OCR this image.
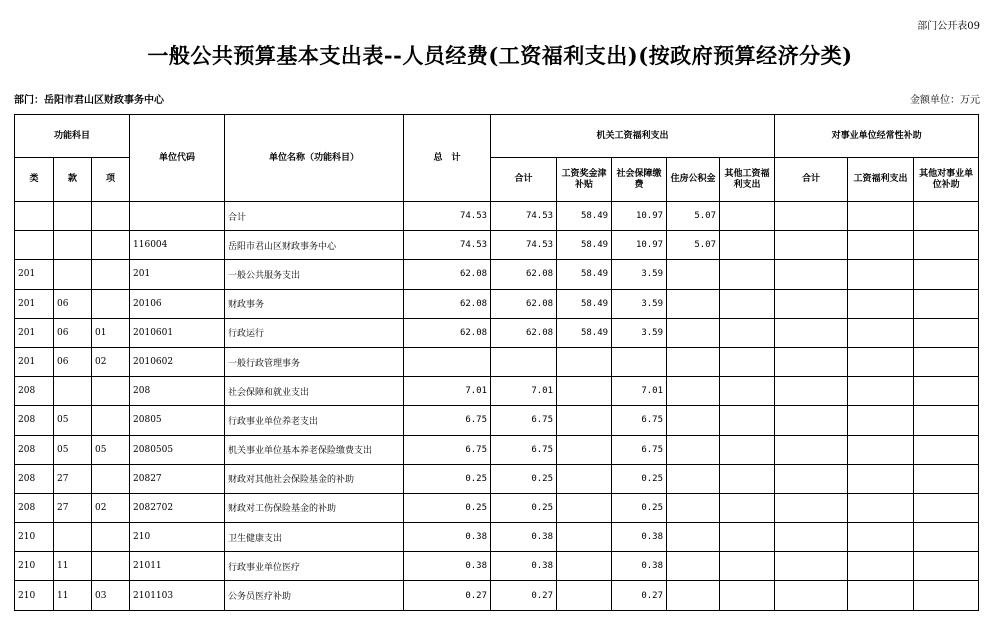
部门公开表09
一般公共预算基本支出表--人员经费(工资福利支出)(按政府预算经济分类)
部门：岳阳市君山区财政事务中心	金额单位：万元
功能科目			单位代码	单位名称（功能科目）	总　计	机关工资福利支出					对事业单位经常性补助		
类	款	项				合计	工资奖金津补贴	社会保障缴费	住房公积金	其他工资福利支出	合计	工资福利支出	其他对事业单位补助
				合计	74.53	74.53	58.49	10.97	5.07				
			116004	岳阳市君山区财政事务中心	74.53	74.53	58.49	10.97	5.07				
201			201	一般公共服务支出	62.08	62.08	58.49	3.59					
201	06		20106	财政事务	62.08	62.08	58.49	3.59					
201	06	01	2010601	行政运行	62.08	62.08	58.49	3.59					
201	06	02	2010602	一般行政管理事务									
208			208	社会保障和就业支出	7.01	7.01		7.01					
208	05		20805	行政事业单位养老支出	6.75	6.75		6.75					
208	05	05	2080505	机关事业单位基本养老保险缴费支出	6.75	6.75		6.75					
208	27		20827	财政对其他社会保险基金的补助	0.25	0.25		0.25					
208	27	02	2082702	财政对工伤保险基金的补助	0.25	0.25		0.25					
210			210	卫生健康支出	0.38	0.38		0.38					
210	11		21011	行政事业单位医疗	0.38	0.38		0.38					
210	11	03	2101103	公务员医疗补助	0.27	0.27		0.27					
